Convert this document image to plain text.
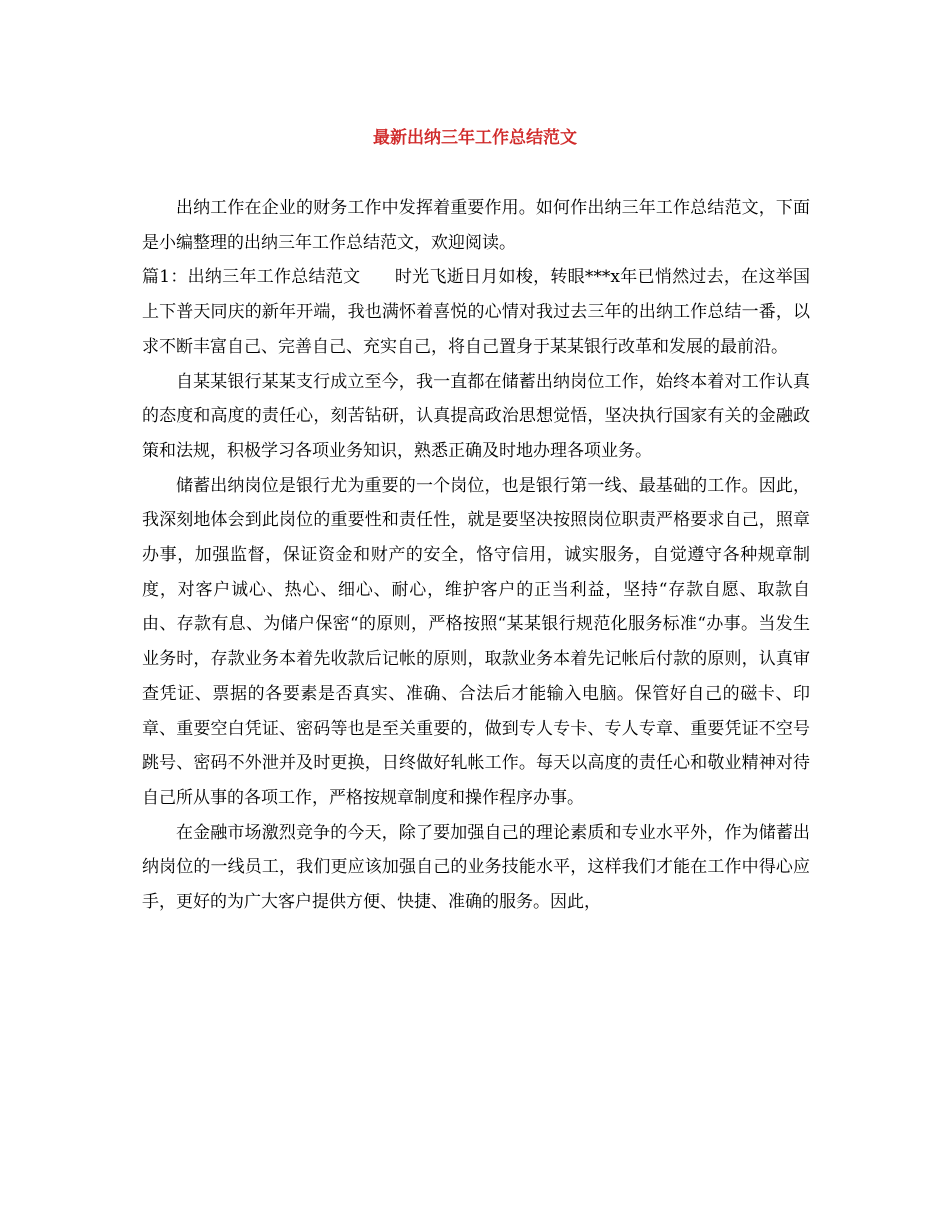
最新出纳三年工作总结范文

出纳工作在企业的财务工作中发挥着重要作用。如何作出纳三年工作总结范文，下面是小编整理的出纳三年工作总结范文，欢迎阅读。

篇1：出纳三年工作总结范文　　时光飞逝日月如梭，转眼***x年已悄然过去，在这举国上下普天同庆的新年开端，我也满怀着喜悦的心情对我过去三年的出纳工作总结一番，以求不断丰富自己、完善自己、充实自己，将自己置身于某某银行改革和发展的最前沿。

自某某银行某某支行成立至今，我一直都在储蓄出纳岗位工作，始终本着对工作认真的态度和高度的责任心，刻苦钻研，认真提高政治思想觉悟，坚决执行国家有关的金融政策和法规，积极学习各项业务知识，熟悉正确及时地办理各项业务。

储蓄出纳岗位是银行尤为重要的一个岗位，也是银行第一线、最基础的工作。因此，我深刻地体会到此岗位的重要性和责任性，就是要坚决按照岗位职责严格要求自己，照章办事，加强监督，保证资金和财产的安全，恪守信用，诚实服务，自觉遵守各种规章制度，对客户诚心、热心、细心、耐心，维护客户的正当利益，坚持“存款自愿、取款自由、存款有息、为储户保密“的原则，严格按照“某某银行规范化服务标准“办事。当发生业务时，存款业务本着先收款后记帐的原则，取款业务本着先记帐后付款的原则，认真审查凭证、票据的各要素是否真实、准确、合法后才能输入电脑。保管好自己的磁卡、印章、重要空白凭证、密码等也是至关重要的，做到专人专卡、专人专章、重要凭证不空号跳号、密码不外泄并及时更换，日终做好轧帐工作。每天以高度的责任心和敬业精神对待自己所从事的各项工作，严格按规章制度和操作程序办事。

在金融市场激烈竞争的今天，除了要加强自己的理论素质和专业水平外，作为储蓄出纳岗位的一线员工，我们更应该加强自己的业务技能水平，这样我们才能在工作中得心应手，更好的为广大客户提供方便、快捷、准确的服务。因此，
